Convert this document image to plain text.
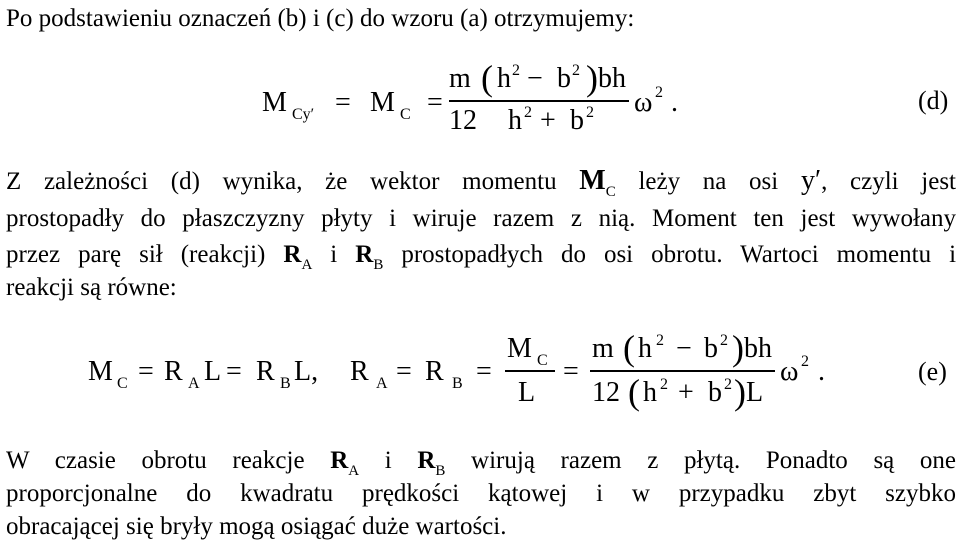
Po podstawieniu oznaczeń (b) i (c) do wzoru (a) otrzymujemy:
M Cy′ = M C =
m ( h 2 − b 2 ) bh
12 h 2 + b 2 ω 2 .	(d)
Z zależności (d) wynika, że wektor momentu $M_C$ leży na osi y′, czyli jest
prostopadły do płaszczyzny płyty i wiruje razem z nią. Moment ten jest wywołany
przez parę sił (reakcji) $R_A$ i $R_B$ prostopadłych do osi obrotu. Wartoci momentu i
reakcji są równe:
M C = R A L = R B L, R A = R B =
M C
L
=
m ( h 2 − b 2 ) bh
12 ( h 2 + b 2 ) L
ω 2 .	(e)
W czasie obrotu reakcje $R_A$ i $R_B$ wirują razem z płytą. Ponadto są one
proporcjonalne do kwadratu prędkości kątowej i w przypadku zbyt szybko
obracającej się bryły mogą osiągać duże wartości.
